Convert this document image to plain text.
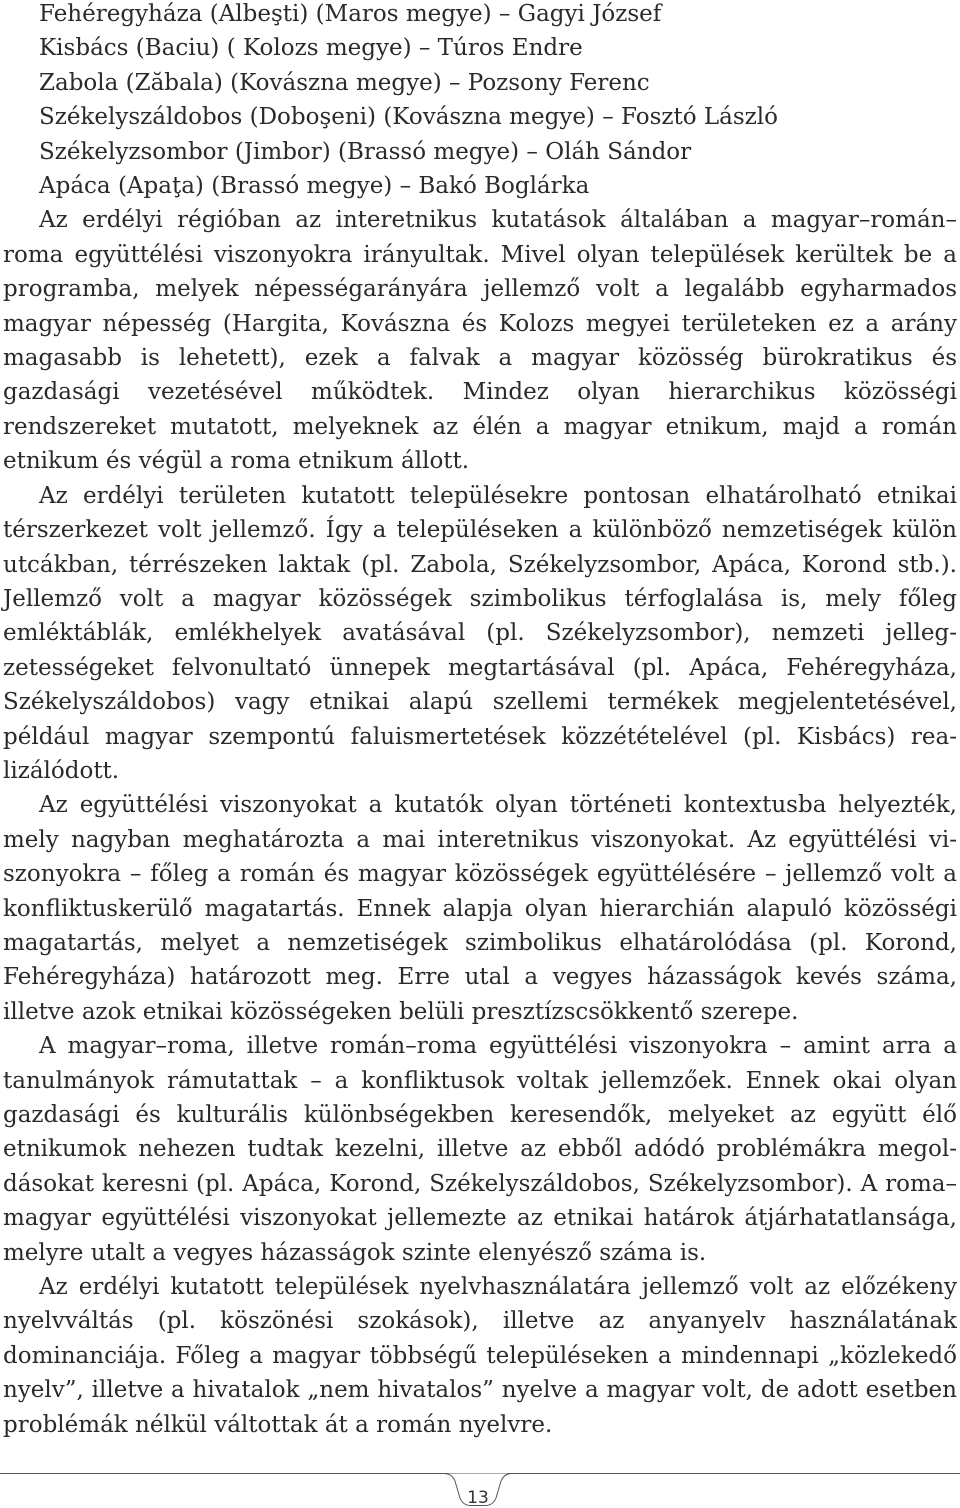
Fehéregyháza (Albeşti) (Maros megye) – Gagyi József
Kisbács (Baciu) ( Kolozs megye) – Túros Endre
Zabola (Zăbala) (Kovászna megye) – Pozsony Ferenc
Székelyszáldobos (Doboşeni) (Kovászna megye) – Fosztó László
Székelyzsombor (Jimbor) (Brassó megye) – Oláh Sándor
Apáca (Apaţa) (Brassó megye) – Bakó Boglárka

Az erdélyi régióban az interetnikus kutatások általában a magyar–román–roma együttélési viszonyokra irányultak. Mivel olyan települések kerültek be a programba, melyek népességarányára jellemző volt a legalább egyharmados magyar népesség (Hargita, Kovászna és Kolozs megyei területeken ez a arány magasabb is lehetett), ezek a falvak a magyar közösség bürokratikus és gazdasági vezetésével működtek. Mindez olyan hierarchikus közösségi rendszereket mutatott, melyeknek az élén a magyar etnikum, majd a román etnikum és végül a roma etnikum állott.

Az erdélyi területen kutatott településekre pontosan elhatárolható etnikai térszerkezet volt jellemző. Így a településeken a különböző nemzetiségek külön utcákban, térrészeken laktak (pl. Zabola, Székelyzsombor, Apáca, Korond stb.). Jellemző volt a magyar közösségek szimbolikus térfoglalása is, mely főleg emléktáblák, emlékhelyek avatásával (pl. Székelyzsombor), nemzeti jellegzetességeket felvonultató ünnepek megtartásával (pl. Apáca, Fehéregyháza, Székelyszáldobos) vagy etnikai alapú szellemi termékek megjelentetésével, például magyar szempontú faluismertetések közzétételével (pl. Kisbács) realizálódott.

Az együttélési viszonyokat a kutatók olyan történeti kontextusba helyezték, mely nagyban meghatározta a mai interetnikus viszonyokat. Az együttélési viszonyokra – főleg a román és magyar közösségek együttélésére – jellemző volt a konfliktuskerülő magatartás. Ennek alapja olyan hierarchián alapuló közösségi magatartás, melyet a nemzetiségek szimbolikus elhatárolódása (pl. Korond, Fehéregyháza) határozott meg. Erre utal a vegyes házasságok kevés száma, illetve azok etnikai közösségeken belüli presztízscsökkentő szerepe.

A magyar–roma, illetve román–roma együttélési viszonyokra – amint arra a tanulmányok rámutattak – a konfliktusok voltak jellemzőek. Ennek okai olyan gazdasági és kulturális különbségekben keresendők, melyeket az együtt élő etnikumok nehezen tudtak kezelni, illetve az ebből adódó problémákra megoldásokat keresni (pl. Apáca, Korond, Székelyszáldobos, Székelyzsombor). A roma–magyar együttélési viszonyokat jellemezte az etnikai határok átjárhatatlansága, melyre utalt a vegyes házasságok szinte elenyésző száma is.

Az erdélyi kutatott települések nyelvhasználatára jellemző volt az előzékeny nyelvváltás (pl. köszönési szokások), illetve az anyanyelv használatának dominanciája. Főleg a magyar többségű településeken a mindennapi „közlekedő nyelv”, illetve a hivatalok „nem hivatalos” nyelve a magyar volt, de adott esetben problémák nélkül váltottak át a román nyelvre.

13
